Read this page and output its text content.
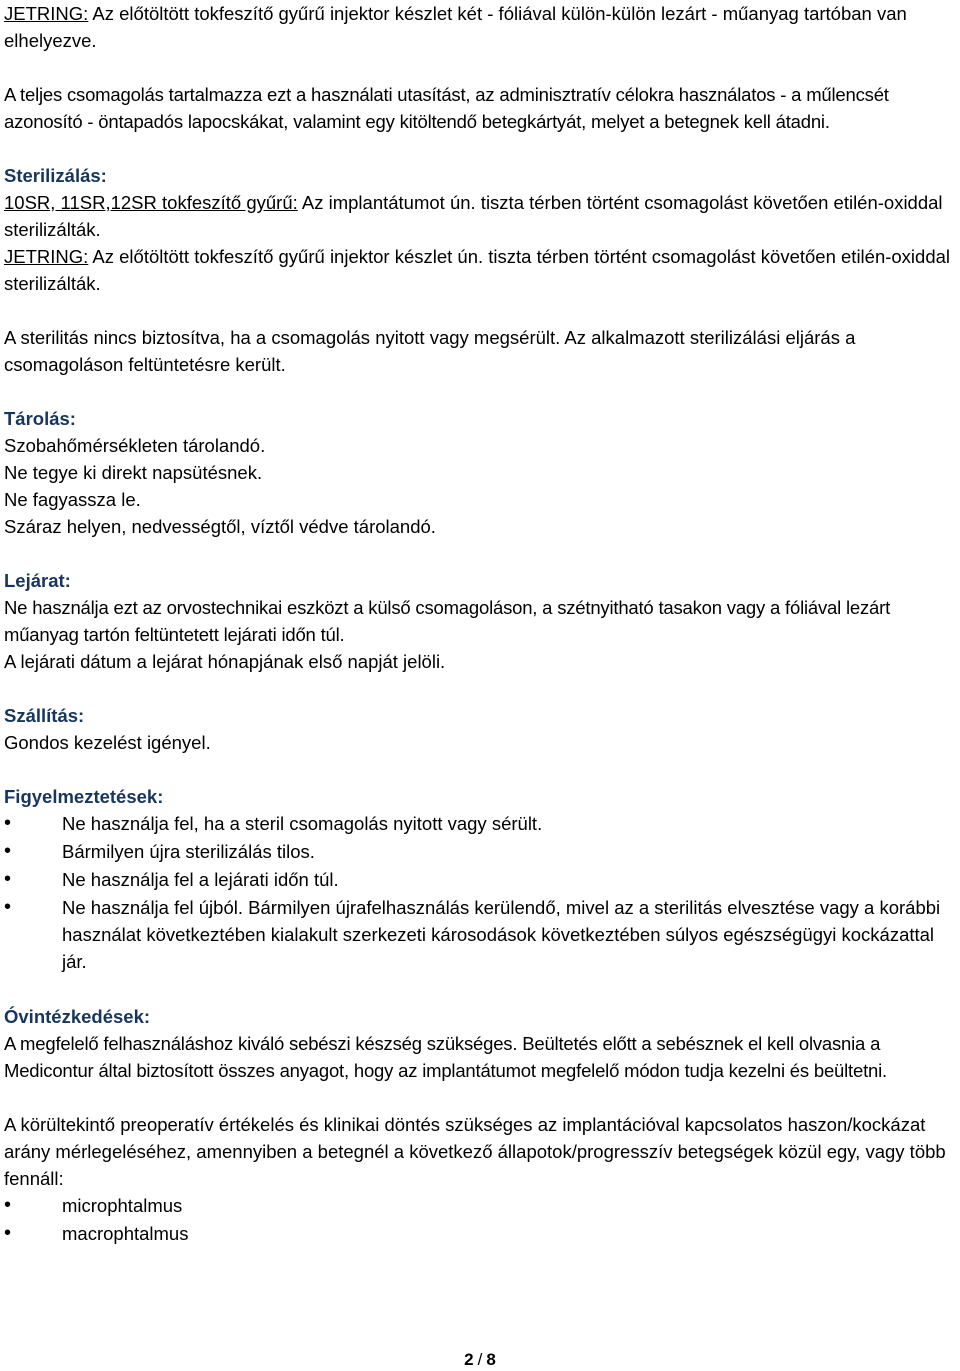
JETRING: Az előtöltött tokfeszítő gyűrű injektor készlet két - fóliával külön-külön lezárt - műanyag tartóban van elhelyezve.

A teljes csomagolás tartalmazza ezt a használati utasítást, az adminisztratív célokra használatos - a műlencsét azonosító - öntapadós lapocskákat, valamint egy kitöltendő betegkártyát, melyet a betegnek kell átadni.

Sterilizálás:

10SR, 11SR,12SR tokfeszítő gyűrű: Az implantátumot ún. tiszta térben történt csomagolást követően etilén-oxiddal sterilizálták.

JETRING: Az előtöltött tokfeszítő gyűrű injektor készlet ún. tiszta térben történt csomagolást követően etilén-oxiddal sterilizálták.

A sterilitás nincs biztosítva, ha a csomagolás nyitott vagy megsérült. Az alkalmazott sterilizálási eljárás a csomagoláson feltüntetésre került.

Tárolás:

Szobahőmérsékleten tárolandó.

Ne tegye ki direkt napsütésnek.

Ne fagyassza le.

Száraz helyen, nedvességtől, víztől védve tárolandó.

Lejárat:

Ne használja ezt az orvostechnikai eszközt a külső csomagoláson, a szétnyitható tasakon vagy a fóliával lezárt műanyag tartón feltüntetett lejárati időn túl.

A lejárati dátum a lejárat hónapjának első napját jelöli.

Szállítás:

Gondos kezelést igényel.

Figyelmeztetések:

•	Ne használja fel, ha a steril csomagolás nyitott vagy sérült.
•	Bármilyen újra sterilizálás tilos.
•	Ne használja fel a lejárati időn túl.
•	Ne használja fel újból. Bármilyen újrafelhasználás kerülendő, mivel az a sterilitás elvesztése vagy a korábbi használat következtében kialakult szerkezeti károsodások következtében súlyos egészségügyi kockázattal jár.

Óvintézkedések:

A megfelelő felhasználáshoz kiváló sebészi készség szükséges. Beültetés előtt a sebésznek el kell olvasnia a Medicontur által biztosított összes anyagot, hogy az implantátumot megfelelő módon tudja kezelni és beültetni.

A körültekintő preoperatív értékelés és klinikai döntés szükséges az implantációval kapcsolatos haszon/kockázat arány mérlegeléséhez, amennyiben a betegnél a következő állapotok/progresszív betegségek közül egy, vagy több fennáll:

•	microphtalmus
•	macrophtalmus
2 / 8
